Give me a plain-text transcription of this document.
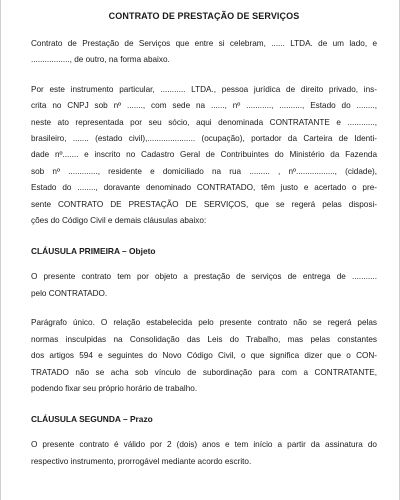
CONTRATO DE PRESTAÇÃO DE SERVIÇOS

Contrato de Prestação de Serviços que entre si celebram, ...... LTDA. de um lado, e
................., de outro, na forma abaixo.

Por este instrumento particular, ........... LTDA., pessoa jurídica de direito privado, ins-
crita no CNPJ sob nº ......., com sede na ......, nº ..........., .........., Estado do ........,
neste ato representada por seu sócio, aqui denominada CONTRATANTE e ............,
brasileiro, ....... (estado civil),..................... (ocupação), portador da Carteira de Identi-
dade nº....... e inscrito no Cadastro Geral de Contribuintes do Ministério da Fazenda
sob nº ............., residente e domiciliado na rua ......... , nº................., (cidade),
Estado do ........, doravante denominado CONTRATADO, têm justo e acertado o pre-
sente CONTRATO DE PRESTAÇÃO DE SERVIÇOS, que se regerá pelas disposi-
ções do Código Civil e demais cláusulas abaixo:

CLÁUSULA PRIMEIRA – Objeto

O presente contrato tem por objeto a prestação de serviços de entrega de ...........
pelo CONTRATADO.

Parágrafo único. O relação estabelecida pelo presente contrato não se regerá pelas
normas insculpidas na Consolidação das Leis do Trabalho, mas pelas constantes
dos artigos 594 e seguintes do Novo Código Civil, o que significa dizer que o CON-
TRATADO não se acha sob vínculo de subordinação para com a CONTRATANTE,
podendo fixar seu próprio horário de trabalho.

CLÁUSULA SEGUNDA – Prazo

O presente contrato é válido por 2 (dois) anos e tem início a partir da assinatura do
respectivo instrumento, prorrogável mediante acordo escrito.
